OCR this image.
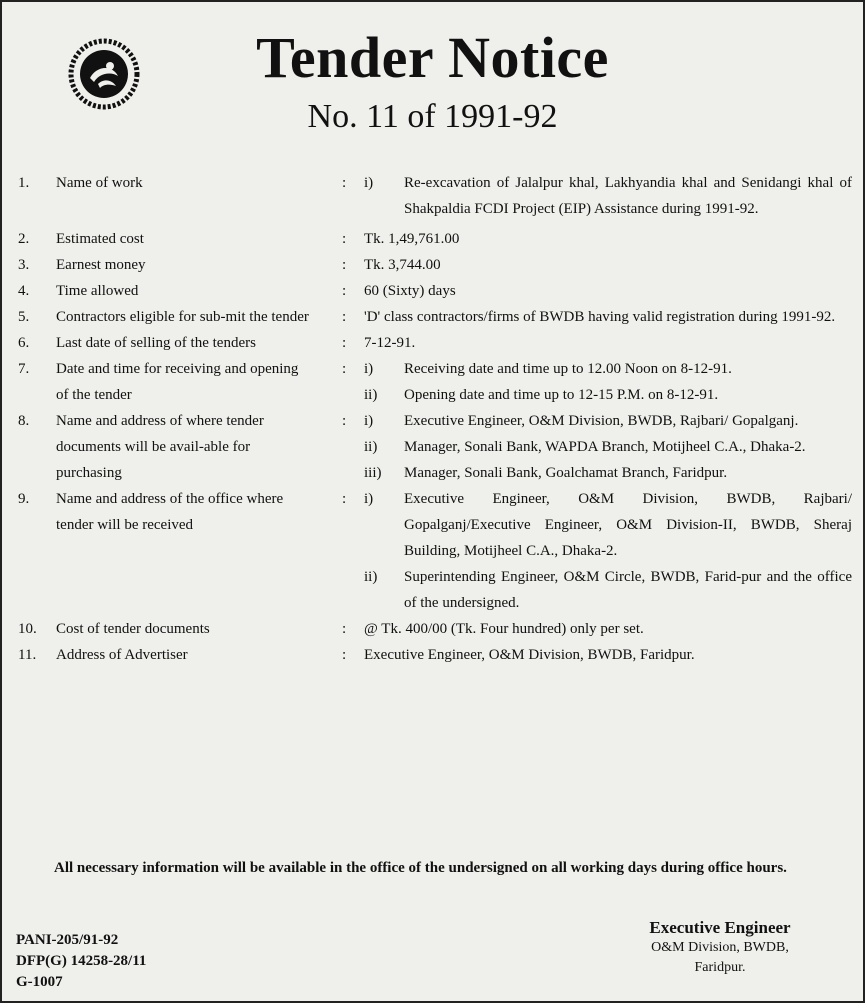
Tender Notice
No. 11 of 1991-92
1.	Name of work	: i)	Re-excavation of Jalalpur khal, Lakhyandia khal and Senidangi khal of Shakpaldia FCDI Project (EIP) Assistance during 1991-92.
2.	Estimated cost	: Tk. 1,49,761.00
3.	Earnest money	: Tk. 3,744.00
4.	Time allowed	: 60 (Sixty) days
5.	Contractors eligible for sub-mit the tender : 'D' class contractors/firms of BWDB having valid registration during 1991-92.
6.	Last date of selling of the tenders	: 7-12-91.
7.	Date and time for receiving and opening of the tender
: i)	Receiving date and time up to 12.00 Noon on 8-12-91.
ii)	Opening date and time up to 12-15 P.M. on 8-12-91.
8.	Name and address of where tender documents will be avail-able for purchasing
: i)	Executive Engineer, O&M Division, BWDB, Rajbari/ Gopalganj.
ii)	Manager, Sonali Bank, WAPDA Branch, Motijheel C.A., Dhaka-2.
iii)	Manager, Sonali Bank, Goalchamat Branch, Faridpur.
9.	Name and address of the office where tender will be received
: i)	Executive Engineer, O&M Division, BWDB, Rajbari/ Gopalganj/Executive Engineer, O&M Division-II, BWDB, Sheraj Building, Motijheel C.A., Dhaka-2.
ii)	Superintending Engineer, O&M Circle, BWDB, Farid-pur and the office of the undersigned.
10.	Cost of tender documents	: @ Tk. 400/00 (Tk. Four hundred) only per set.
11.	Address of Advertiser	: Executive Engineer, O&M Division, BWDB, Faridpur.
All necessary information will be available in the office of the undersigned on all working days during office hours.
PANI-205/91-92
DFP(G) 14258-28/11
G-1007
Executive Engineer
O&M Division, BWDB,
Faridpur.
